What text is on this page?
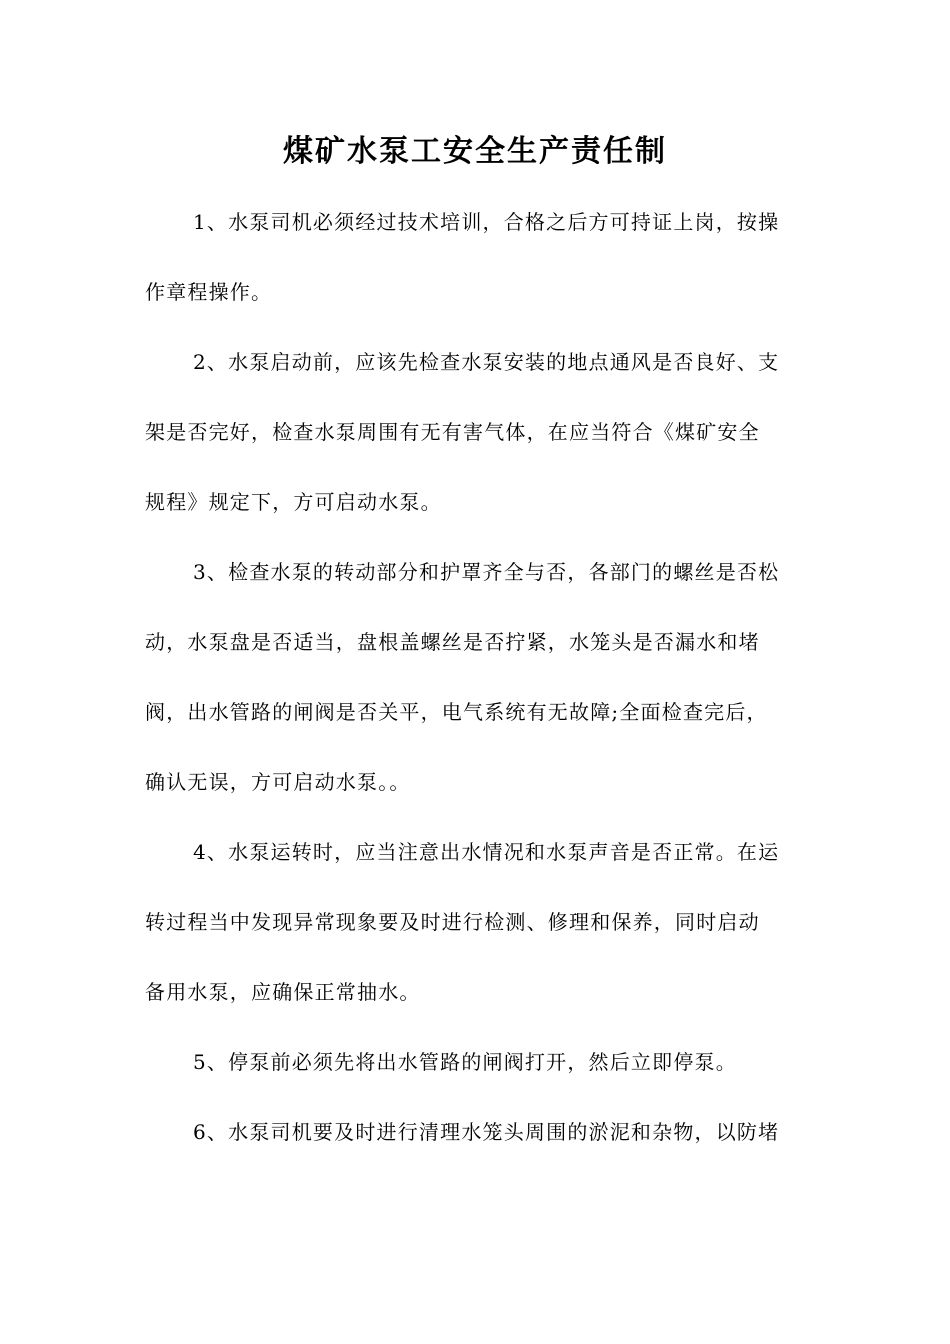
煤矿水泵工安全生产责任制

1、水泵司机必须经过技术培训，合格之后方可持证上岗，按操
作章程操作。

2、水泵启动前，应该先检查水泵安装的地点通风是否良好、支
架是否完好，检查水泵周围有无有害气体，在应当符合《煤矿安全
规程》规定下，方可启动水泵。

3、检查水泵的转动部分和护罩齐全与否，各部门的螺丝是否松
动，水泵盘是否适当，盘根盖螺丝是否拧紧，水笼头是否漏水和堵
阀，出水管路的闸阀是否关平，电气系统有无故障;全面检查完后，
确认无误，方可启动水泵。。

4、水泵运转时，应当注意出水情况和水泵声音是否正常。在运
转过程当中发现异常现象要及时进行检测、修理和保养，同时启动
备用水泵，应确保正常抽水。

5、停泵前必须先将出水管路的闸阀打开，然后立即停泵。

6、水泵司机要及时进行清理水笼头周围的淤泥和杂物，以防堵
